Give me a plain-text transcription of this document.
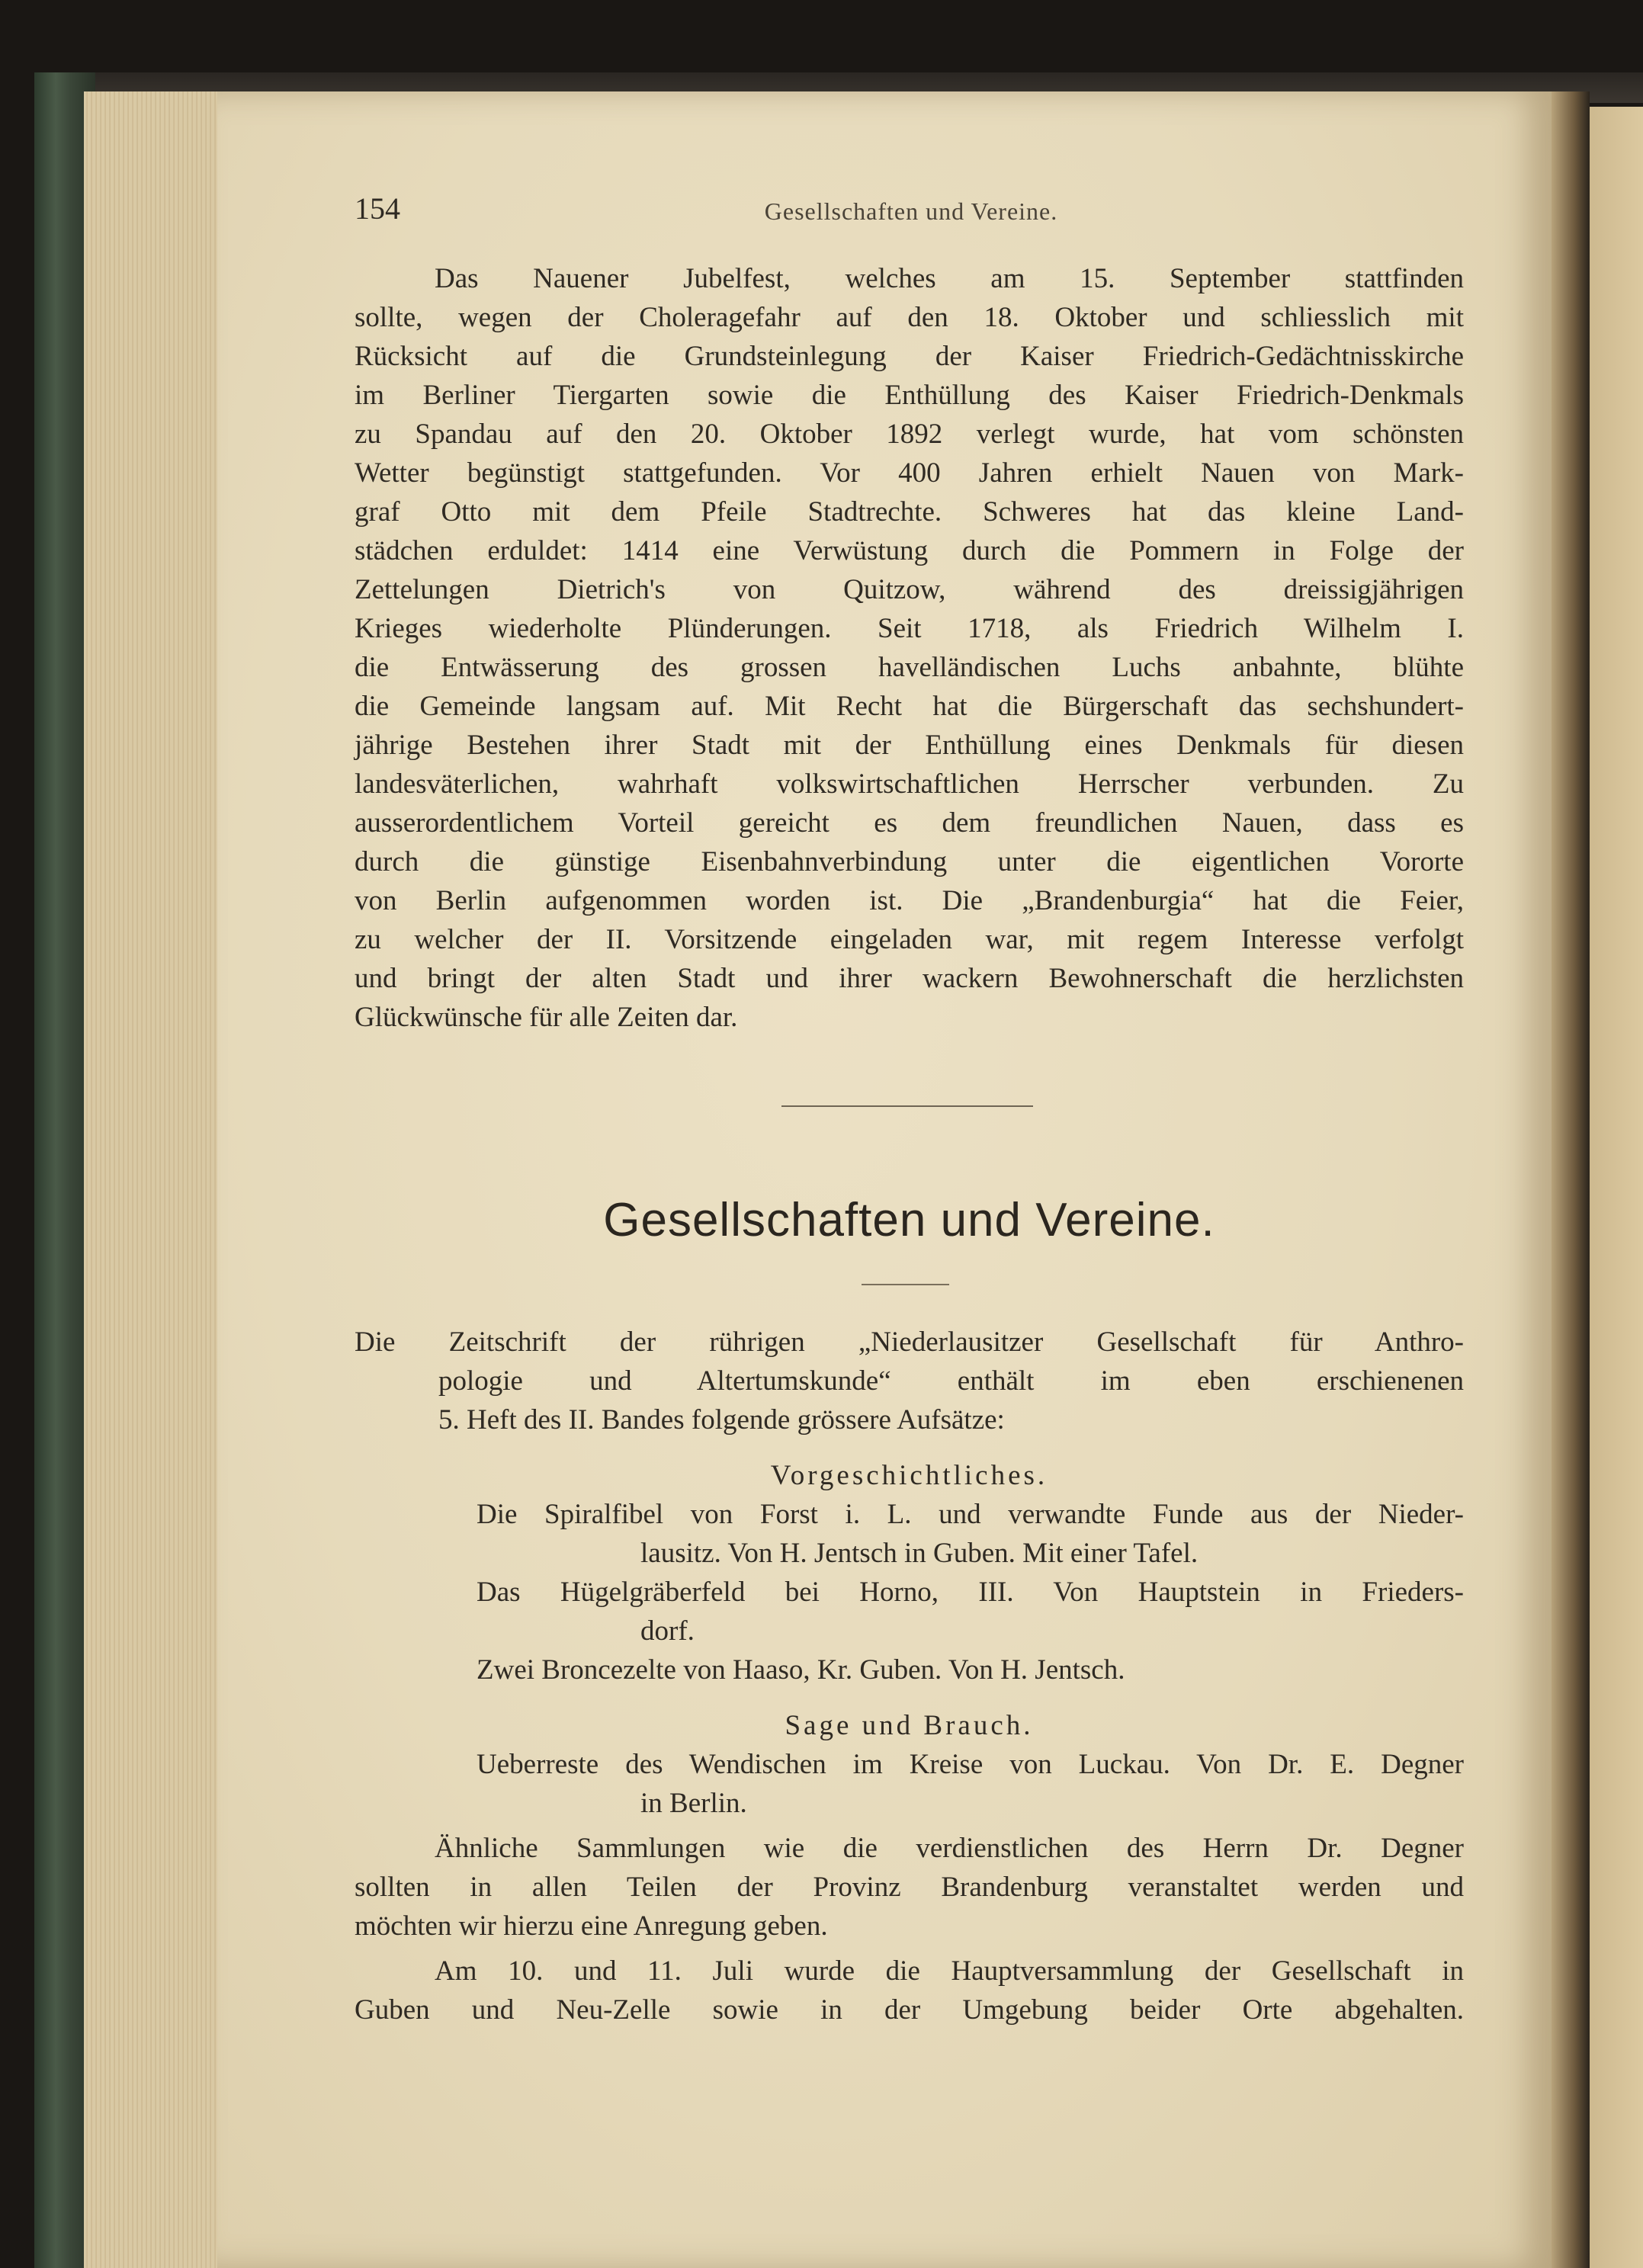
154	Gesellschaften und Vereine.
Das Nauener Jubelfest, welches am 15. September stattfinden
sollte, wegen der Choleragefahr auf den 18. Oktober und schliesslich mit
Rücksicht auf die Grundsteinlegung der Kaiser Friedrich-Gedächtnisskirche
im Berliner Tiergarten sowie die Enthüllung des Kaiser Friedrich-Denkmals
zu Spandau auf den 20. Oktober 1892 verlegt wurde, hat vom schönsten
Wetter begünstigt stattgefunden. Vor 400 Jahren erhielt Nauen von Mark-
graf Otto mit dem Pfeile Stadtrechte. Schweres hat das kleine Land-
städchen erduldet: 1414 eine Verwüstung durch die Pommern in Folge der
Zettelungen Dietrich's von Quitzow, während des dreissigjährigen
Krieges wiederholte Plünderungen. Seit 1718, als Friedrich Wilhelm I.
die Entwässerung des grossen havelländischen Luchs anbahnte, blühte
die Gemeinde langsam auf. Mit Recht hat die Bürgerschaft das sechshundert-
jährige Bestehen ihrer Stadt mit der Enthüllung eines Denkmals für diesen
landesväterlichen, wahrhaft volkswirtschaftlichen Herrscher verbunden. Zu
ausserordentlichem Vorteil gereicht es dem freundlichen Nauen, dass es
durch die günstige Eisenbahnverbindung unter die eigentlichen Vororte
von Berlin aufgenommen worden ist. Die „Brandenburgia“ hat die Feier,
zu welcher der II. Vorsitzende eingeladen war, mit regem Interesse verfolgt
und bringt der alten Stadt und ihrer wackern Bewohnerschaft die herzlichsten
Glückwünsche für alle Zeiten dar.
Gesellschaften und Vereine.
Die Zeitschrift der rührigen „Niederlausitzer Gesellschaft für Anthro-
pologie und Altertumskunde“ enthält im eben erschienenen
5. Heft des II. Bandes folgende grössere Aufsätze:
Vorgeschichtliches.
Die Spiralfibel von Forst i. L. und verwandte Funde aus der Nieder-
lausitz. Von H. Jentsch in Guben. Mit einer Tafel.
Das Hügelgräberfeld bei Horno, III. Von Hauptstein in Frieders-
dorf.
Zwei Broncezelte von Haaso, Kr. Guben. Von H. Jentsch.
Sage und Brauch.
Ueberreste des Wendischen im Kreise von Luckau. Von Dr. E. Degner
in Berlin.
Ähnliche Sammlungen wie die verdienstlichen des Herrn Dr. Degner
sollten in allen Teilen der Provinz Brandenburg veranstaltet werden und
möchten wir hierzu eine Anregung geben.
Am 10. und 11. Juli wurde die Hauptversammlung der Gesellschaft in
Guben und Neu-Zelle sowie in der Umgebung beider Orte abgehalten.
